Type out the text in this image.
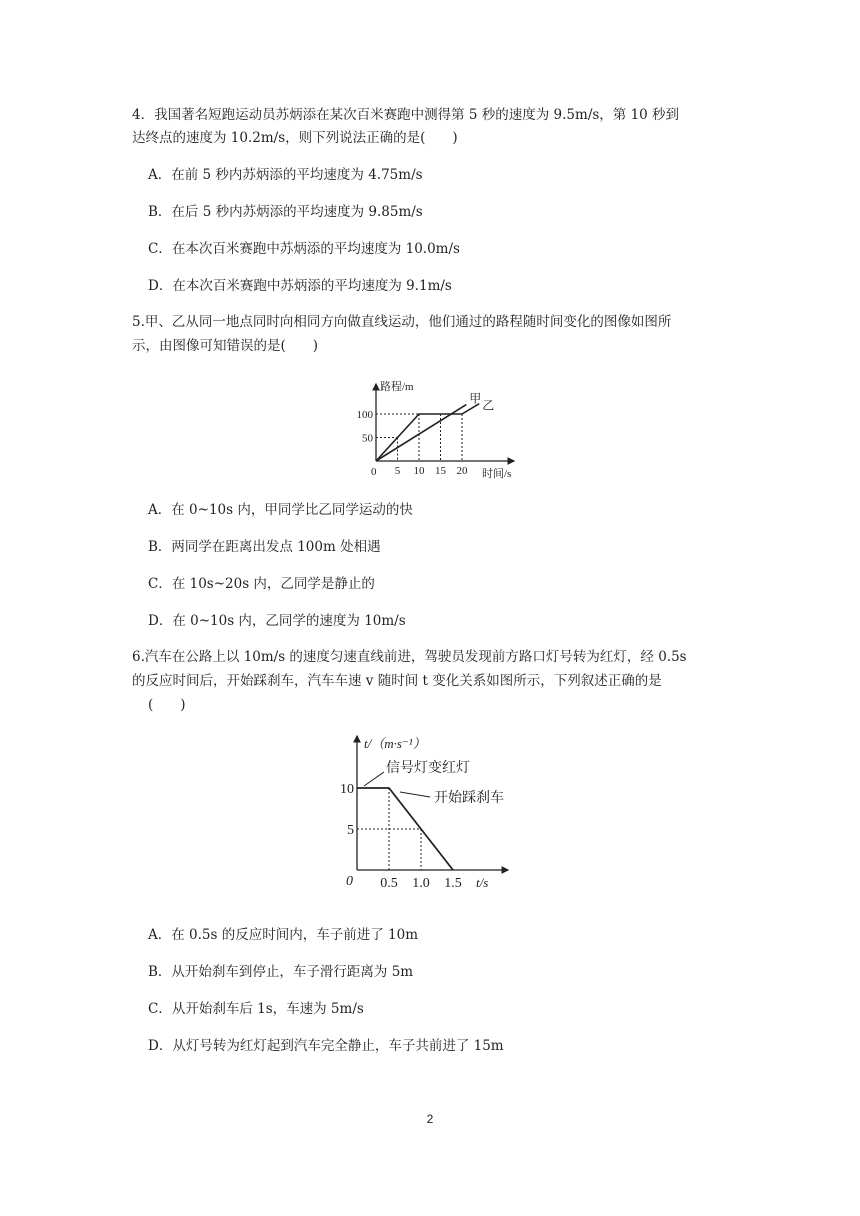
4．我国著名短跑运动员苏炳添在某次百米赛跑中测得第 5 秒的速度为 9.5m/s，第 10 秒到
达终点的速度为 10.2m/s，则下列说法正确的是(　　)
A．在前 5 秒内苏炳添的平均速度为 4.75m/s
B．在后 5 秒内苏炳添的平均速度为 9.85m/s
C．在本次百米赛跑中苏炳添的平均速度为 10.0m/s
D．在本次百米赛跑中苏炳添的平均速度为 9.1m/s
5.甲、乙从同一地点同时向相同方向做直线运动，他们通过的路程随时间变化的图像如图所
示，由图像可知错误的是(　　)
路程/m
时间/s
0 5 10 15 20
50
100
甲
乙
A．在 0~10s 内，甲同学比乙同学运动的快
B．两同学在距离出发点 100m 处相遇
C．在 10s~20s 内，乙同学是静止的
D．在 0~10s 内，乙同学的速度为 10m/s
6.汽车在公路上以 10m/s 的速度匀速直线前进，驾驶员发现前方路口灯号转为红灯，经 0.5s
的反应时间后，开始踩刹车，汽车车速 v 随时间 t 变化关系如图所示，下列叙述正确的是
(　　)
t/（m·s⁻¹）
t/s
0 0.5 1.0 1.5
5
10
信号灯变红灯
开始踩刹车
A．在 0.5s 的反应时间内，车子前进了 10m
B．从开始刹车到停止，车子滑行距离为 5m
C．从开始刹车后 1s，车速为 5m/s
D．从灯号转为红灯起到汽车完全静止，车子共前进了 15m
2
